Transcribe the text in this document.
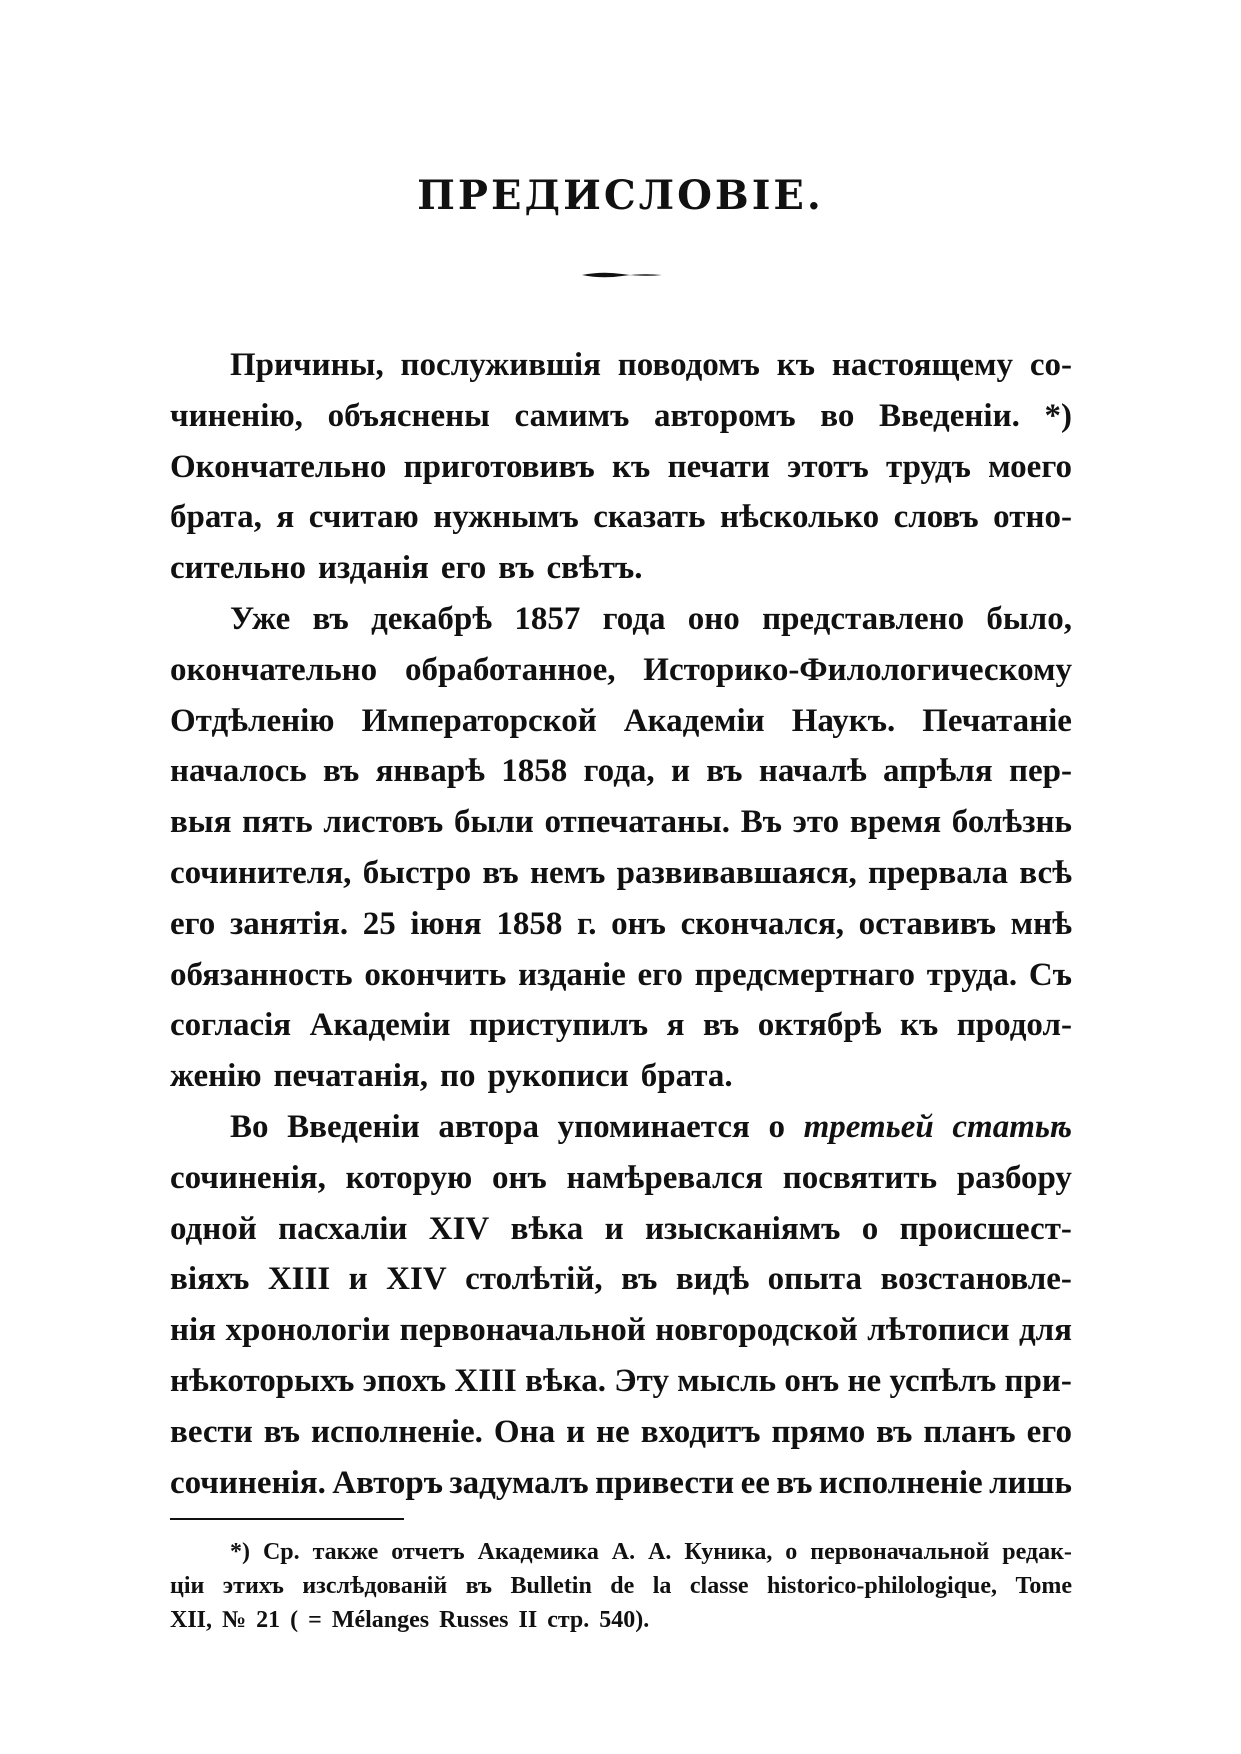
ПРЕДИСЛОВІЕ.
Причины, послужившія поводомъ къ настоящему со-
чиненію, объяснены самимъ авторомъ во Введеніи. *)
Окончательно приготовивъ къ печати этотъ трудъ моего
брата, я считаю нужнымъ сказать нѣсколько словъ отно-
сительно изданія его въ свѣтъ.
Уже въ декабрѣ 1857 года оно представлено было,
окончательно обработанное, Историко-Филологическому
Отдѣленію Императорской Академіи Наукъ. Печатаніе
началось въ январѣ 1858 года, и въ началѣ апрѣля пер-
выя пять листовъ были отпечатаны. Въ это время болѣзнь
сочинителя, быстро въ немъ развивавшаяся, прервала всѣ
его занятія. 25 іюня 1858 г. онъ скончался, оставивъ мнѣ
обязанность окончить изданіе его предсмертнаго труда. Съ
согласія Академіи приступилъ я въ октябрѣ къ продол-
женію печатанія, по рукописи брата.
Во Введеніи автора упоминается о третьей статьѣ
сочиненія, которую онъ намѣревался посвятить разбору
одной пасхаліи XIV вѣка и изысканіямъ о происшест-
віяхъ XIII и XIV столѣтій, въ видѣ опыта возстановле-
нія хронологіи первоначальной новгородской лѣтописи для
нѣкоторыхъ эпохъ XIII вѣка. Эту мысль онъ не успѣлъ при-
вести въ исполненіе. Она и не входитъ прямо въ планъ его
сочиненія. Авторъ задумалъ привести ее въ исполненіе лишь
*) Ср. также отчетъ Академика А. А. Куника, о первоначальной редак-
ціи этихъ изслѣдованій въ Bulletin de la classe historico-philologique, Tome
XII, № 21 ( = Mélanges Russes II стр. 540).
